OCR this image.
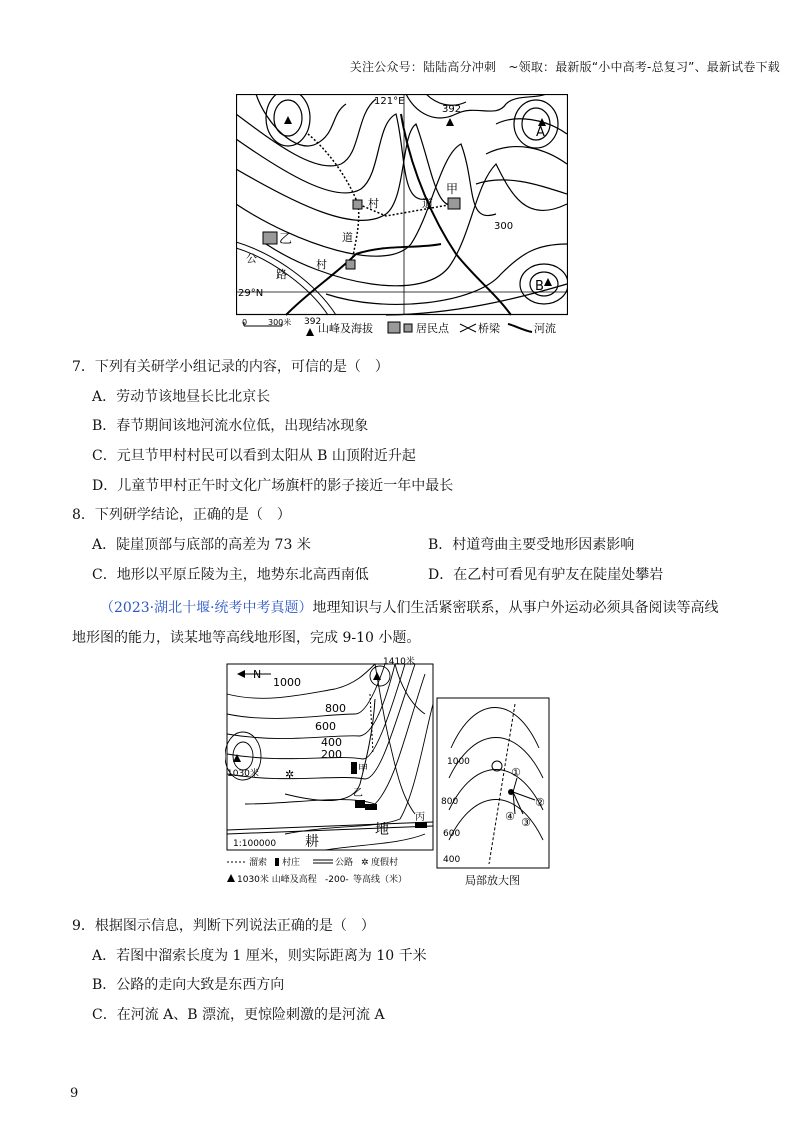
关注公众号：陆陆高分冲刺　~领取：最新版“小中高考-总复习”、最新试卷下载
121°E
29°N
392
300
A
B
甲
乙
村	道
道
村
公
路
0	300米 392
山峰及海拔	居民点	桥梁	河流
7．下列有关研学小组记录的内容，可信的是（　）
A．劳动节该地昼长比北京长
B．春节期间该地河流水位低，出现结冰现象
C．元旦节甲村村民可以看到太阳从 B 山顶附近升起
D．儿童节甲村正午时文化广场旗杆的影子接近一年中最长
8．下列研学结论，正确的是（　）
A．陡崖顶部与底部的高差为 73 米	B．村道弯曲主要受地形因素影响
C．地形以平原丘陵为主，地势东北高西南低	D．在乙村可看见有驴友在陡崖处攀岩
（2023·湖北十堰·统考中考真题）地理知识与人们生活紧密联系，从事户外运动必须具备阅读等高线
地形图的能力，读某地等高线地形图，完成 9-10 小题。
N
✲
1410米
1030米
1000
800
600
400
200
甲
乙
丙
地
耕
1:100000
溜索 村庄	公路 ✲ 度假村
1030米 山峰及高程 -200- 等高线（米）
1000
800
600
400
①
②
③
④
局部放大图
9．根据图示信息，判断下列说法正确的是（　）
A．若图中溜索长度为 1 厘米，则实际距离为 10 千米
B．公路的走向大致是东西方向
C．在河流 A、B 漂流，更惊险刺激的是河流 A
9
